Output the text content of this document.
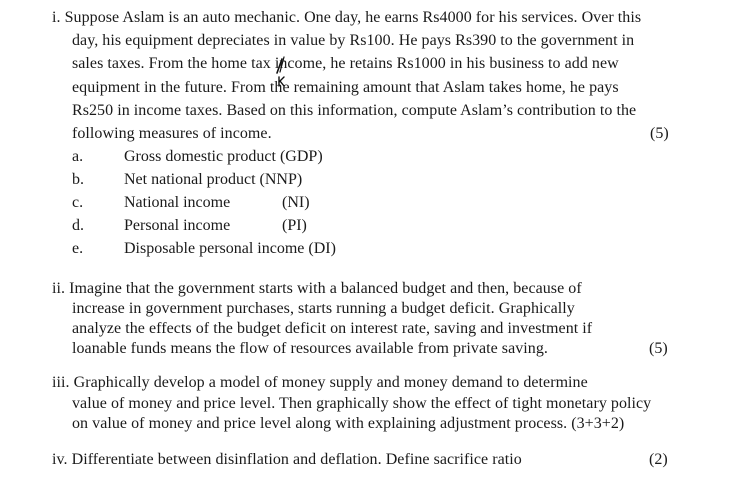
i. Suppose Aslam is an auto mechanic. One day, he earns Rs4000 for his services. Over this
day, his equipment depreciates in value by Rs100. He pays Rs390 to the government in
sales taxes. From the home tax income, he retains Rs1000 in his business to add new
equipment in the future. From the remaining amount that Aslam takes home, he pays
Rs250 in income taxes. Based on this information, compute Aslam’s contribution to the
following measures of income.	(5)
a.	Gross domestic product (GDP)
b.	Net national product (NNP)
c.	National income	(NI)
d.	Personal income	(PI)
e.	Disposable personal income (DI)
ii. Imagine that the government starts with a balanced budget and then, because of
increase in government purchases, starts running a budget deficit. Graphically
analyze the effects of the budget deficit on interest rate, saving and investment if
loanable funds means the flow of resources available from private saving.	(5)
iii. Graphically develop a model of money supply and money demand to determine
value of money and price level. Then graphically show the effect of tight monetary policy
on value of money and price level along with explaining adjustment process. (3+3+2)
iv. Differentiate between disinflation and deflation. Define sacrifice ratio	(2)
